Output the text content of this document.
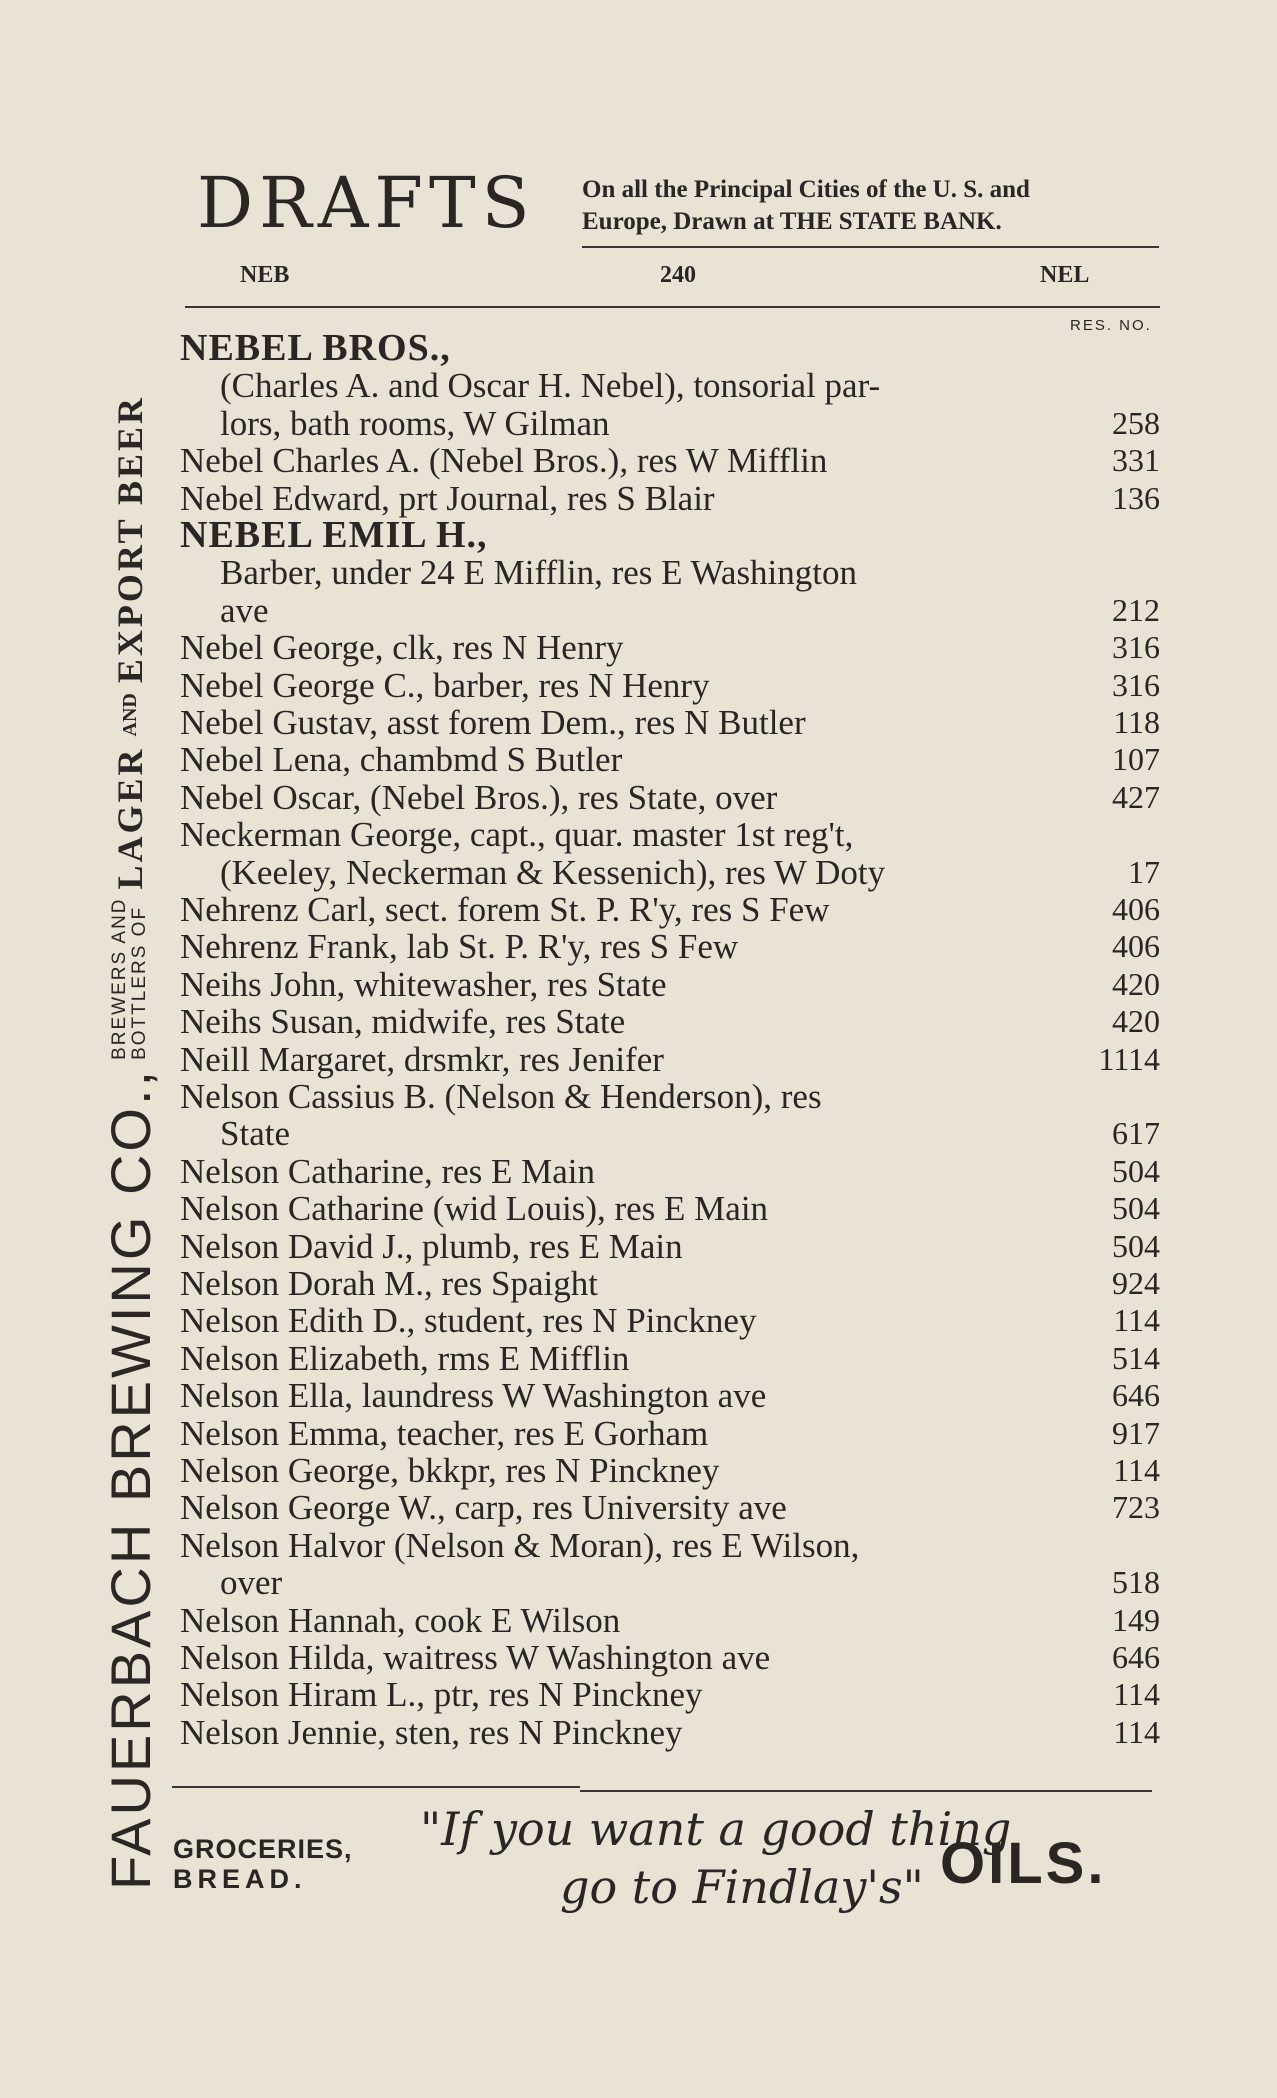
FAUERBACH BREWING CO.,
BREWERS AND BOTTLERS OF
LAGER
AND
EXPORT BEER
DRAFTS On all the Principal Cities of the U. S. and
Europe, Drawn at THE STATE BANK.
NEB	240	NEL
RES. NO.
NEBEL BROS.,
(Charles A. and Oscar H. Nebel), tonsorial par-
lors, bath rooms, W Gilman	258
Nebel Charles A. (Nebel Bros.), res W Mifflin	331
Nebel Edward, prt Journal, res S Blair	136
NEBEL EMIL H.,
Barber, under 24 E Mifflin, res E Washington
ave	212
Nebel George, clk, res N Henry	316
Nebel George C., barber, res N Henry	316
Nebel Gustav, asst forem Dem., res N Butler	118
Nebel Lena, chambmd S Butler	107
Nebel Oscar, (Nebel Bros.), res State, over	427
Neckerman George, capt., quar. master 1st reg't,
(Keeley, Neckerman & Kessenich), res W Doty	17
Nehrenz Carl, sect. forem St. P. R'y, res S Few	406
Nehrenz Frank, lab St. P. R'y, res S Few	406
Neihs John, whitewasher, res State	420
Neihs Susan, midwife, res State	420
Neill Margaret, drsmkr, res Jenifer	1114
Nelson Cassius B. (Nelson & Henderson), res
State	617
Nelson Catharine, res E Main	504
Nelson Catharine (wid Louis), res E Main	504
Nelson David J., plumb, res E Main	504
Nelson Dorah M., res Spaight	924
Nelson Edith D., student, res N Pinckney	114
Nelson Elizabeth, rms E Mifflin	514
Nelson Ella, laundress W Washington ave	646
Nelson Emma, teacher, res E Gorham	917
Nelson George, bkkpr, res N Pinckney	114
Nelson George W., carp, res University ave	723
Nelson Halvor (Nelson & Moran), res E Wilson,
over	518
Nelson Hannah, cook E Wilson	149
Nelson Hilda, waitress W Washington ave	646
Nelson Hiram L., ptr, res N Pinckney	114
Nelson Jennie, sten, res N Pinckney	114
GROCERIES,
BREAD.
"If you want a good thing
go to Findlay's" OILS.
